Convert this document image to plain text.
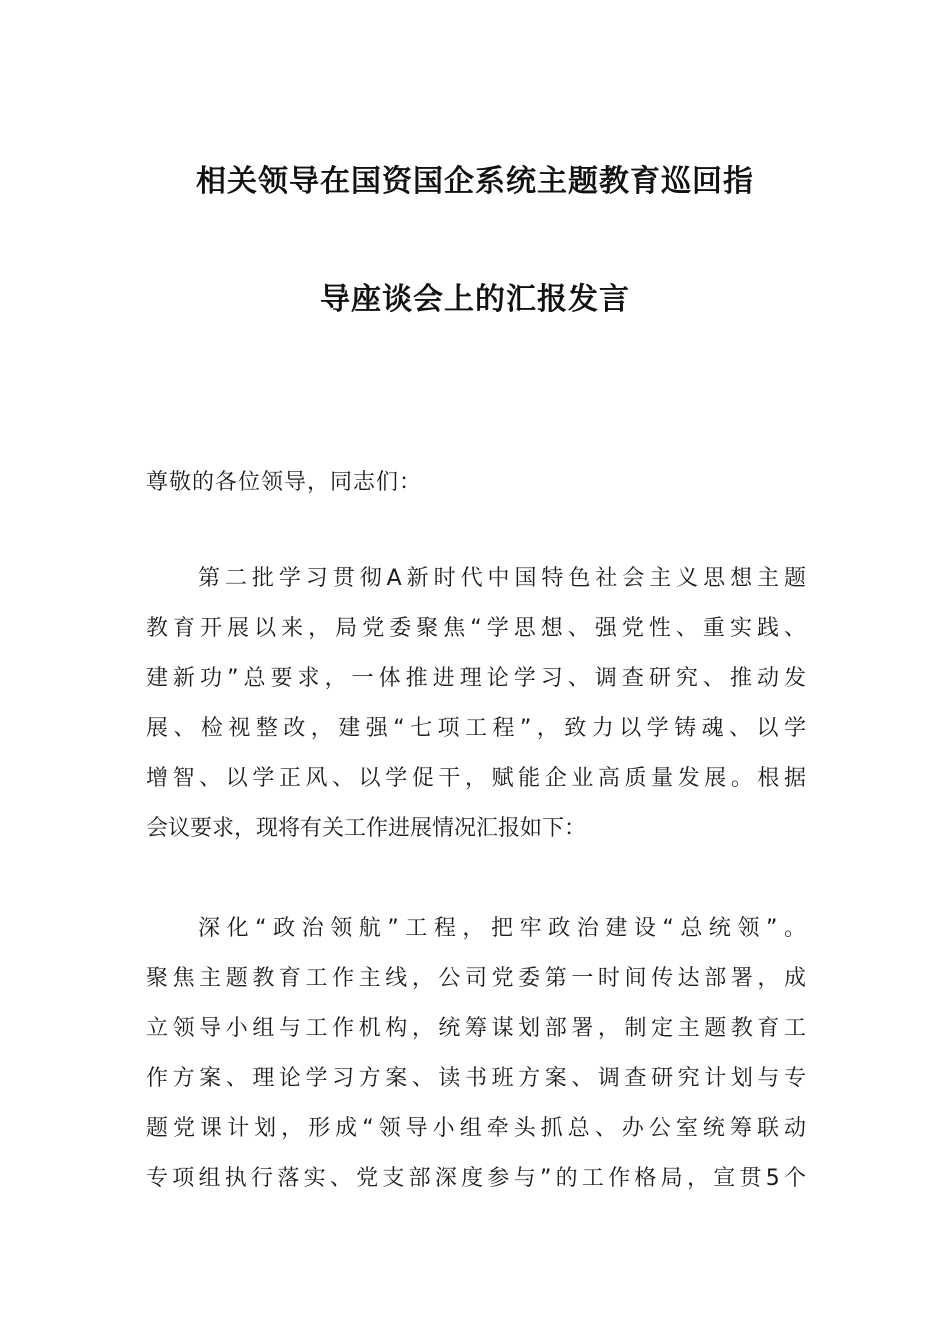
相关领导在国资国企系统主题教育巡回指
导座谈会上的汇报发言

尊敬的各位领导，同志们：

第二批学习贯彻A新时代中国特色社会主义思想主题
教育开展以来，局党委聚焦“学思想、强党性、重实践、
建新功”总要求，一体推进理论学习、调查研究、推动发
展、检视整改，建强“七项工程”，致力以学铸魂、以学
增智、以学正风、以学促干，赋能企业高质量发展。根据
会议要求，现将有关工作进展情况汇报如下：
深化“政治领航”工程，把牢政治建设“总统领”。
聚焦主题教育工作主线，公司党委第一时间传达部署，成
立领导小组与工作机构，统筹谋划部署，制定主题教育工
作方案、理论学习方案、读书班方案、调查研究计划与专
题党课计划，形成“领导小组牵头抓总、办公室统筹联动
专项组执行落实、党支部深度参与”的工作格局，宣贯5个
